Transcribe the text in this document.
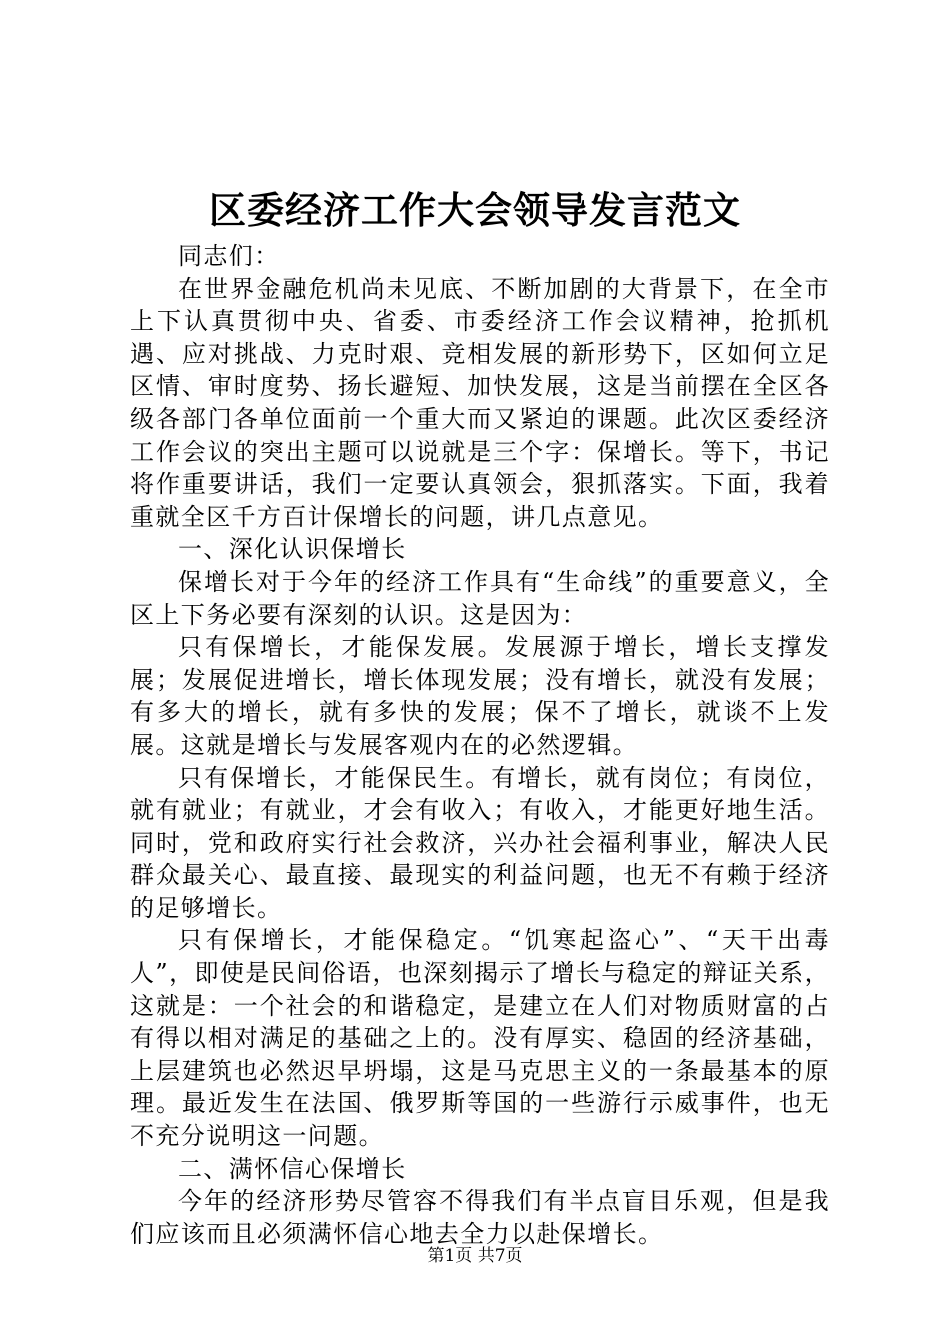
区委经济工作大会领导发言范文

同志们：

在世界金融危机尚未见底、不断加剧的大背景下，在全市上下认真贯彻中央、省委、市委经济工作会议精神，抢抓机遇、应对挑战、力克时艰、竞相发展的新形势下，区如何立足区情、审时度势、扬长避短、加快发展，这是当前摆在全区各级各部门各单位面前一个重大而又紧迫的课题。此次区委经济工作会议的突出主题可以说就是三个字：保增长。等下，书记将作重要讲话，我们一定要认真领会，狠抓落实。下面，我着重就全区千方百计保增长的问题，讲几点意见。

一、深化认识保增长

保增长对于今年的经济工作具有“生命线”的重要意义，全区上下务必要有深刻的认识。这是因为：

只有保增长，才能保发展。发展源于增长，增长支撑发展；发展促进增长，增长体现发展；没有增长，就没有发展；有多大的增长，就有多快的发展；保不了增长，就谈不上发展。这就是增长与发展客观内在的必然逻辑。

只有保增长，才能保民生。有增长，就有岗位；有岗位，就有就业；有就业，才会有收入；有收入，才能更好地生活。同时，党和政府实行社会救济，兴办社会福利事业，解决人民群众最关心、最直接、最现实的利益问题，也无不有赖于经济的足够增长。

只有保增长，才能保稳定。“饥寒起盗心”、“天干出毒人”，即使是民间俗语，也深刻揭示了增长与稳定的辩证关系，这就是：一个社会的和谐稳定，是建立在人们对物质财富的占有得以相对满足的基础之上的。没有厚实、稳固的经济基础，上层建筑也必然迟早坍塌，这是马克思主义的一条最基本的原理。最近发生在法国、俄罗斯等国的一些游行示威事件，也无不充分说明这一问题。

二、满怀信心保增长

今年的经济形势尽管容不得我们有半点盲目乐观，但是我们应该而且必须满怀信心地去全力以赴保增长。

第1页 共7页
